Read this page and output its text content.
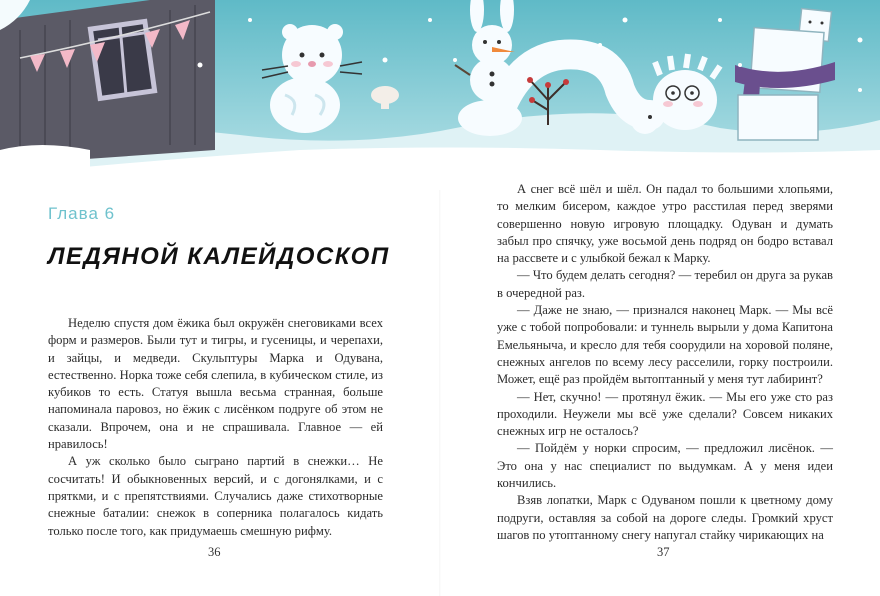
Глава 6
ЛЕДЯНОЙ КАЛЕЙДОСКОП

Неделю спустя дом ёжика был окружён снеговиками всех форм и размеров. Были тут и тигры, и гусеницы, и черепахи, и зайцы, и медведи. Скульптуры Марка и Одувана, естественно. Норка тоже себя слепила, в кубическом стиле, из кубиков то есть. Статуя вышла весьма странная, больше напоминала паровоз, но ёжик с лисёнком подруге об этом не сказали. Впрочем, она и не спрашивала. Главное — ей нравилось!

А уж сколько было сыграно партий в снежки… Не сосчитать! И обыкновенных версий, и с догонялками, и с пряткми, и с препятствиями. Случались даже стихотворные снежные баталии: снежок в соперника полагалось кидать только после того, как придумаешь смешную рифму.

А снег всё шёл и шёл. Он падал то большими хлопьями, то мелким бисером, каждое утро расстилая перед зверями совершенно новую игровую площадку. Одуван и думать забыл про спячку, уже восьмой день подряд он бодро вставал на рассвете и с улыбкой бежал к Марку.

— Что будем делать сегодня? — теребил он друга за рукав в очередной раз.

— Даже не знаю, — признался наконец Марк. — Мы всё уже с тобой попробовали: и туннель вырыли у дома Капитона Емельяныча, и кресло для тебя соорудили на хоровой поляне, снежных ангелов по всему лесу расселили, горку построили. Может, ещё раз пройдём вытоптанный у меня тут лабиринт?

— Нет, скучно! — протянул ёжик. — Мы его уже сто раз проходили. Неужели мы всё уже сделали? Совсем никаких снежных игр не осталось?

— Пойдём у норки спросим, — предложил лисёнок. — Это она у нас специалист по выдумкам. А у меня идеи кончились.

Взяв лопатки, Марк с Одуваном пошли к цветному дому подруги, оставляя за собой на дороге следы. Громкий хруст шагов по утоптанному снегу напугал стайку чирикающих на

36	37
